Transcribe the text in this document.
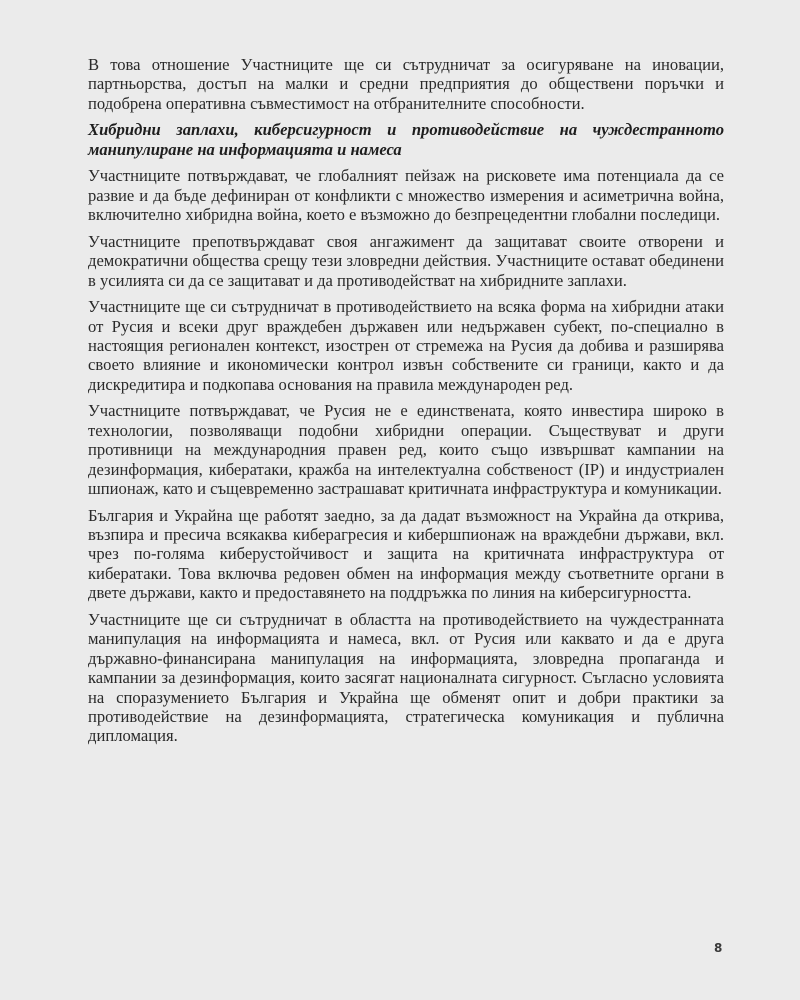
В това отношение Участниците ще си сътрудничат за осигуряване на иновации, партньорства, достъп на малки и средни предприятия до обществени поръчки и подобрена оперативна съвместимост на отбранителните способности.

Хибридни заплахи, киберсигурност и противодействие на чуждестранното манипулиране на информацията и намеса

Участниците потвърждават, че глобалният пейзаж на рисковете има потенциала да се развие и да бъде дефиниран от конфликти с множество измерения и асиметрична война, включително хибридна война, което е възможно до безпрецедентни глобални последици.

Участниците препотвърждават своя ангажимент да защитават своите отворени и демократични общества срещу тези зловредни действия. Участниците остават обединени в усилията си да се защитават и да противодействат на хибридните заплахи.

Участниците ще си сътрудничат в противодействието на всяка форма на хибридни атаки от Русия и всеки друг враждебен държавен или недържавен субект, по-специално в настоящия регионален контекст, изострен от стремежа на Русия да добива и разширява своето влияние и икономически контрол извън собствените си граници, както и да дискредитира и подкопава основания на правила международен ред.

Участниците потвърждават, че Русия не е единствената, която инвестира широко в технологии, позволяващи подобни хибридни операции. Съществуват и други противници на международния правен ред, които също извършват кампании на дезинформация, кибератаки, кражба на интелектуална собственост (IP) и индустриален шпионаж, като и същевременно застрашават критичната инфраструктура и комуникации.

България и Украйна ще работят заедно, за да дадат възможност на Украйна да открива, възпира и пресича всякаква киберагресия и кибершпионаж на враждебни държави, вкл. чрез по-голяма киберустойчивост и защита на критичната инфраструктура от кибератаки. Това включва редовен обмен на информация между съответните органи в двете държави, както и предоставянето на поддръжка по линия на киберсигурността.

Участниците ще си сътрудничат в областта на противодействието на чуждестранната манипулация на информацията и намеса, вкл. от Русия или каквато и да е друга държавно-финансирана манипулация на информацията, зловредна пропаганда и кампании за дезинформация, които засягат националната сигурност. Съгласно условията на споразумението България и Украйна ще обменят опит и добри практики за противодействие на дезинформацията, стратегическа комуникация и публична дипломация.

8
